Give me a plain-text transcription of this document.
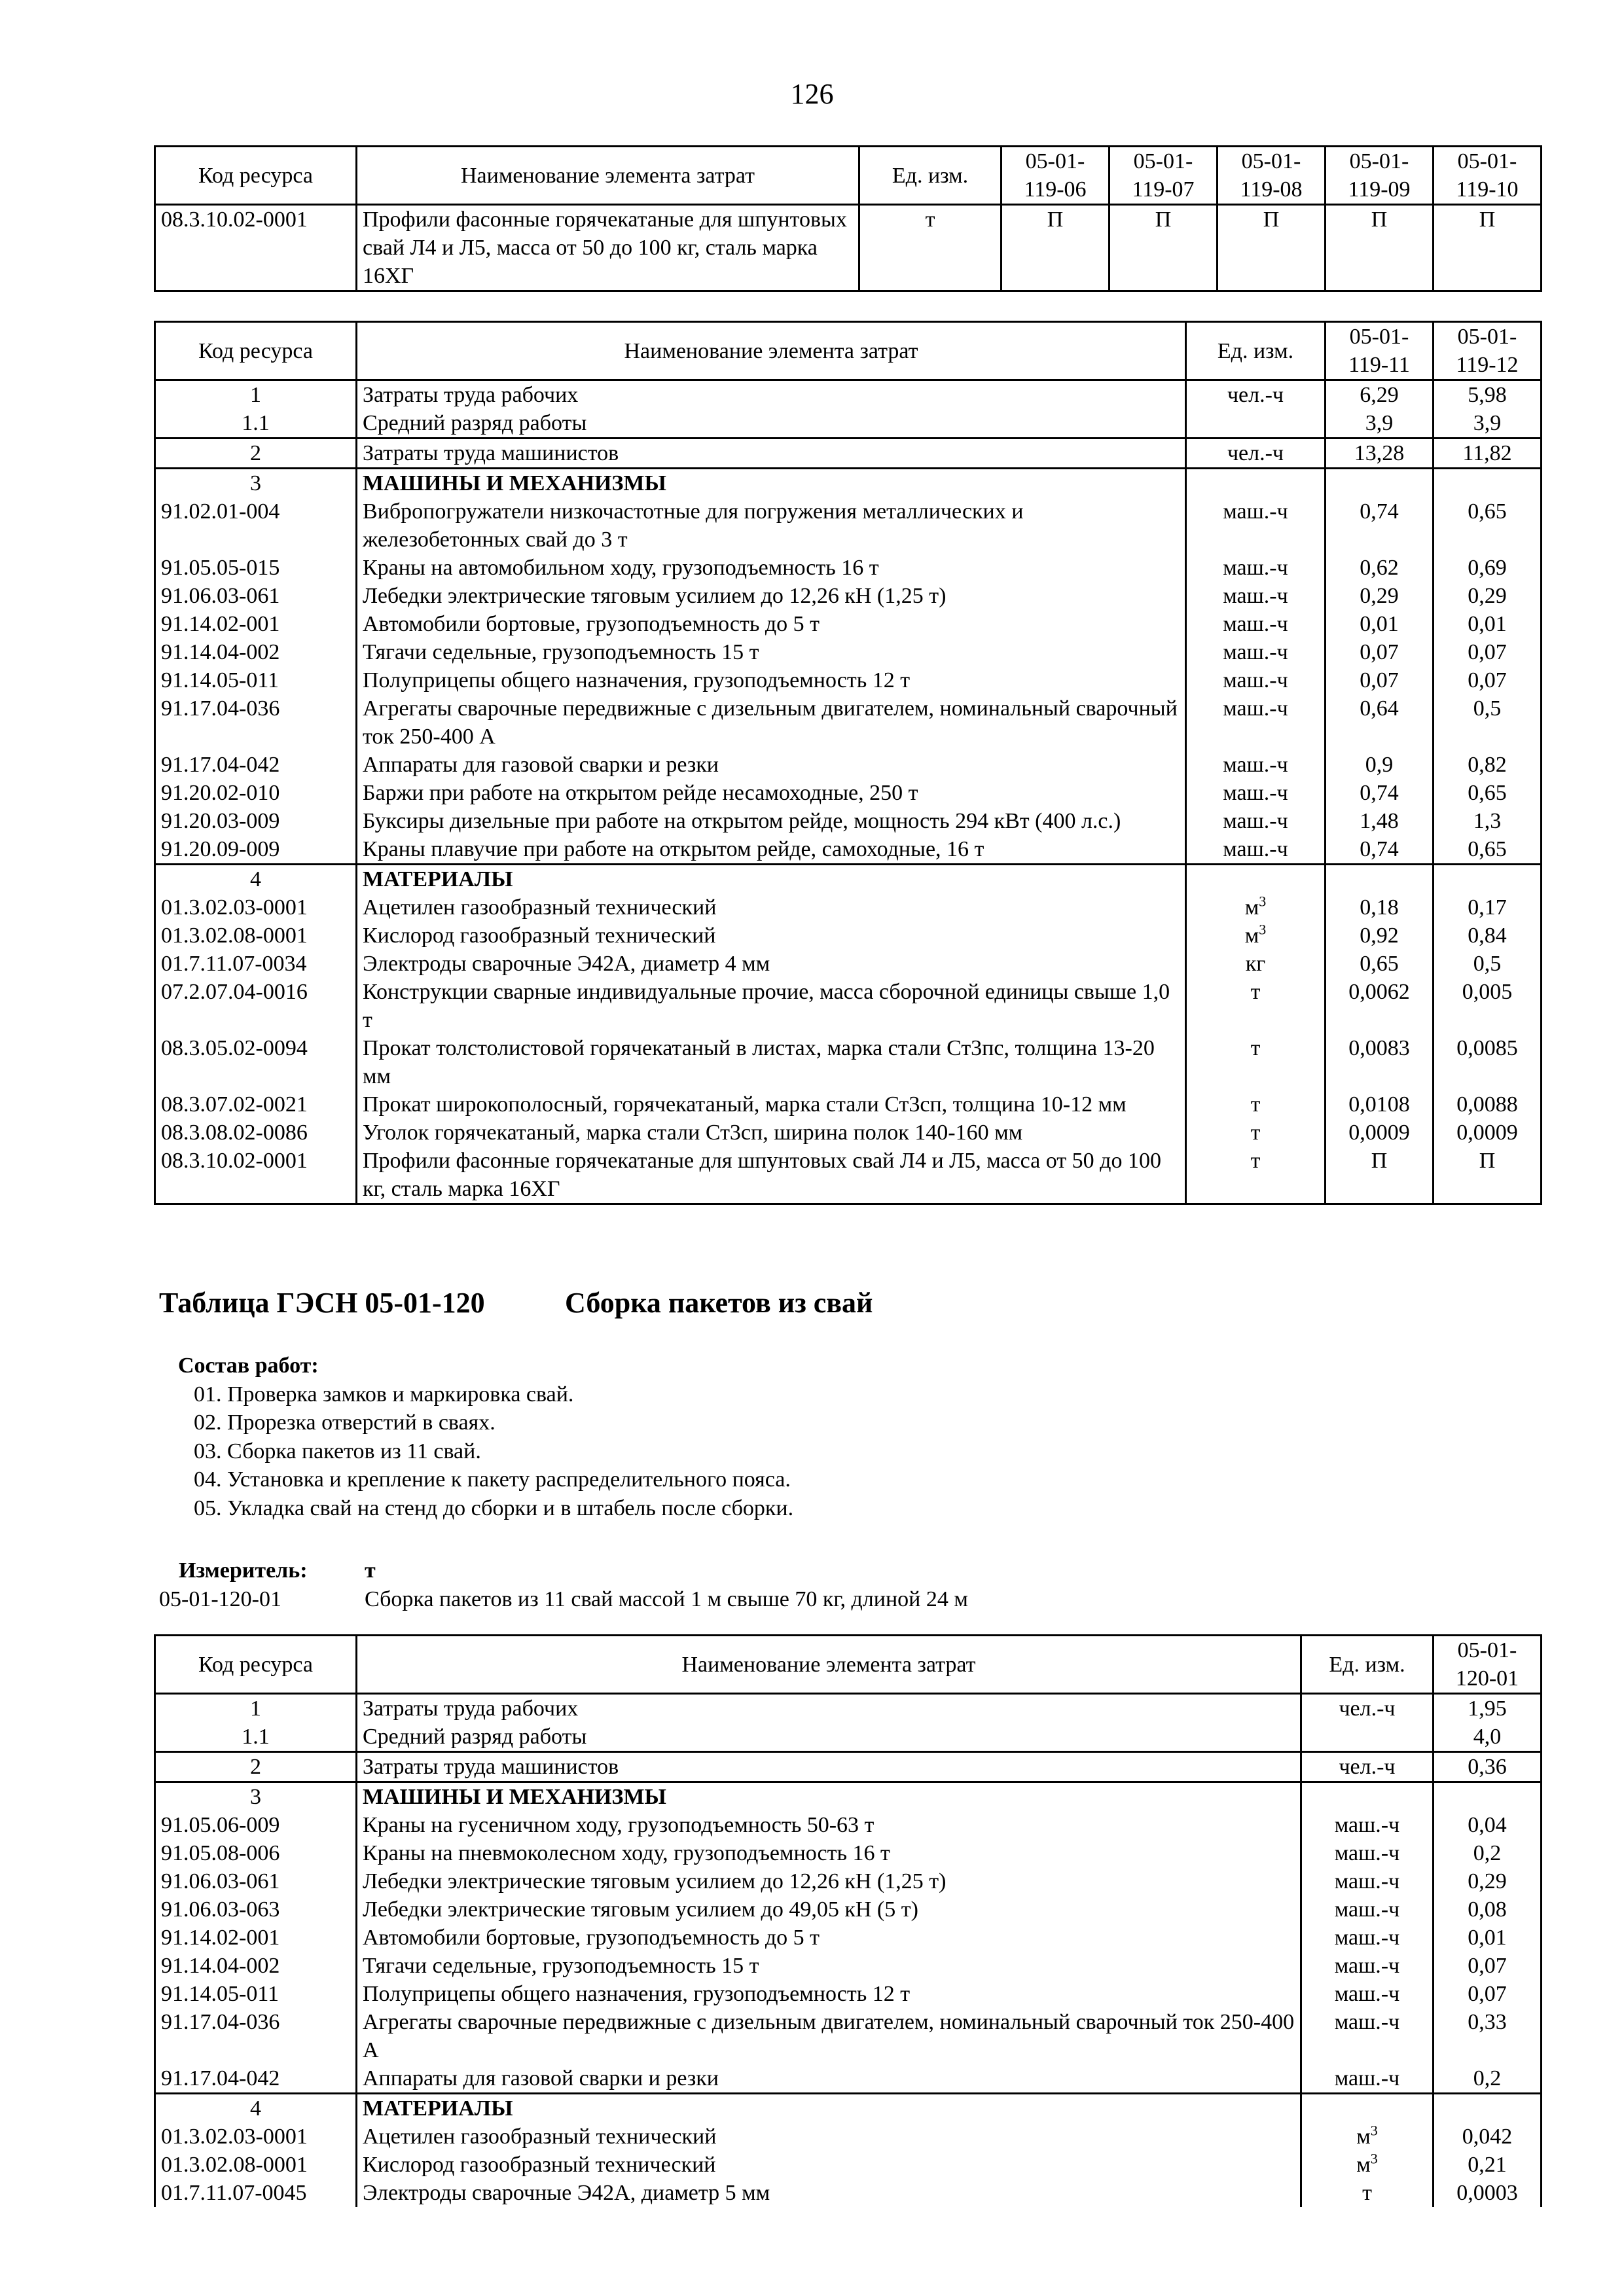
126
Код ресурса	Наименование элемента затрат	Ед. изм.	05-01-119-06	05-01-119-07	05-01-119-08	05-01-119-09	05-01-119-10
08.3.10.02-0001	Профили фасонные горячекатаные для шпунтовых свай Л4 и Л5, масса от 50 до 100 кг, сталь марка 16ХГ	т	П	П	П	П	П
Код ресурса	Наименование элемента затрат	Ед. изм.	05-01-119-11	05-01-119-12
1	Затраты труда рабочих	чел.-ч	6,29	5,98
1.1	Средний разряд работы		3,9	3,9
2	Затраты труда машинистов	чел.-ч	13,28	11,82
3	МАШИНЫ И МЕХАНИЗМЫ			
91.02.01-004	Вибропогружатели низкочастотные для погружения металлических и железобетонных свай до 3 т	маш.-ч	0,74	0,65
91.05.05-015	Краны на автомобильном ходу, грузоподъемность 16 т	маш.-ч	0,62	0,69
91.06.03-061	Лебедки электрические тяговым усилием до 12,26 кН (1,25 т)	маш.-ч	0,29	0,29
91.14.02-001	Автомобили бортовые, грузоподъемность до 5 т	маш.-ч	0,01	0,01
91.14.04-002	Тягачи седельные, грузоподъемность 15 т	маш.-ч	0,07	0,07
91.14.05-011	Полуприцепы общего назначения, грузоподъемность 12 т	маш.-ч	0,07	0,07
91.17.04-036	Агрегаты сварочные передвижные с дизельным двигателем, номинальный сварочный ток 250-400 А	маш.-ч	0,64	0,5
91.17.04-042	Аппараты для газовой сварки и резки	маш.-ч	0,9	0,82
91.20.02-010	Баржи при работе на открытом рейде несамоходные, 250 т	маш.-ч	0,74	0,65
91.20.03-009	Буксиры дизельные при работе на открытом рейде, мощность 294 кВт (400 л.с.)	маш.-ч	1,48	1,3
91.20.09-009	Краны плавучие при работе на открытом рейде, самоходные, 16 т	маш.-ч	0,74	0,65
4	МАТЕРИАЛЫ			
01.3.02.03-0001	Ацетилен газообразный технический	$м^3$	0,18	0,17
01.3.02.08-0001	Кислород газообразный технический	$м^3$	0,92	0,84
01.7.11.07-0034	Электроды сварочные Э42А, диаметр 4 мм	кг	0,65	0,5
07.2.07.04-0016	Конструкции сварные индивидуальные прочие, масса сборочной единицы свыше 1,0 т	т	0,0062	0,005
08.3.05.02-0094	Прокат толстолистовой горячекатаный в листах, марка стали Ст3пс, толщина 13-20 мм	т	0,0083	0,0085
08.3.07.02-0021	Прокат широкополосный, горячекатаный, марка стали Ст3сп, толщина 10-12 мм	т	0,0108	0,0088
08.3.08.02-0086	Уголок горячекатаный, марка стали Ст3сп, ширина полок 140-160 мм	т	0,0009	0,0009
08.3.10.02-0001	Профили фасонные горячекатаные для шпунтовых свай Л4 и Л5, масса от 50 до 100 кг, сталь марка 16ХГ	т	П	П
Таблица ГЭСН 05-01-120	Сборка пакетов из свай
Состав работ:
01. Проверка замков и маркировка свай.
02. Прорезка отверстий в сваях.
03. Сборка пакетов из 11 свай.
04. Установка и крепление к пакету распределительного пояса.
05. Укладка свай на стенд до сборки и в штабель после сборки.
Измеритель:	т
05-01-120-01	Сборка пакетов из 11 свай массой 1 м свыше 70 кг, длиной 24 м
Код ресурса	Наименование элемента затрат	Ед. изм.	05-01-120-01
1	Затраты труда рабочих	чел.-ч	1,95
1.1	Средний разряд работы		4,0
2	Затраты труда машинистов	чел.-ч	0,36
3	МАШИНЫ И МЕХАНИЗМЫ		
91.05.06-009	Краны на гусеничном ходу, грузоподъемность 50-63 т	маш.-ч	0,04
91.05.08-006	Краны на пневмоколесном ходу, грузоподъемность 16 т	маш.-ч	0,2
91.06.03-061	Лебедки электрические тяговым усилием до 12,26 кН (1,25 т)	маш.-ч	0,29
91.06.03-063	Лебедки электрические тяговым усилием до 49,05 кН (5 т)	маш.-ч	0,08
91.14.02-001	Автомобили бортовые, грузоподъемность до 5 т	маш.-ч	0,01
91.14.04-002	Тягачи седельные, грузоподъемность 15 т	маш.-ч	0,07
91.14.05-011	Полуприцепы общего назначения, грузоподъемность 12 т	маш.-ч	0,07
91.17.04-036	Агрегаты сварочные передвижные с дизельным двигателем, номинальный сварочный ток 250-400 А	маш.-ч	0,33
91.17.04-042	Аппараты для газовой сварки и резки	маш.-ч	0,2
4	МАТЕРИАЛЫ		
01.3.02.03-0001	Ацетилен газообразный технический	$м^3$	0,042
01.3.02.08-0001	Кислород газообразный технический	$м^3$	0,21
01.7.11.07-0045	Электроды сварочные Э42А, диаметр 5 мм	т	0,0003
